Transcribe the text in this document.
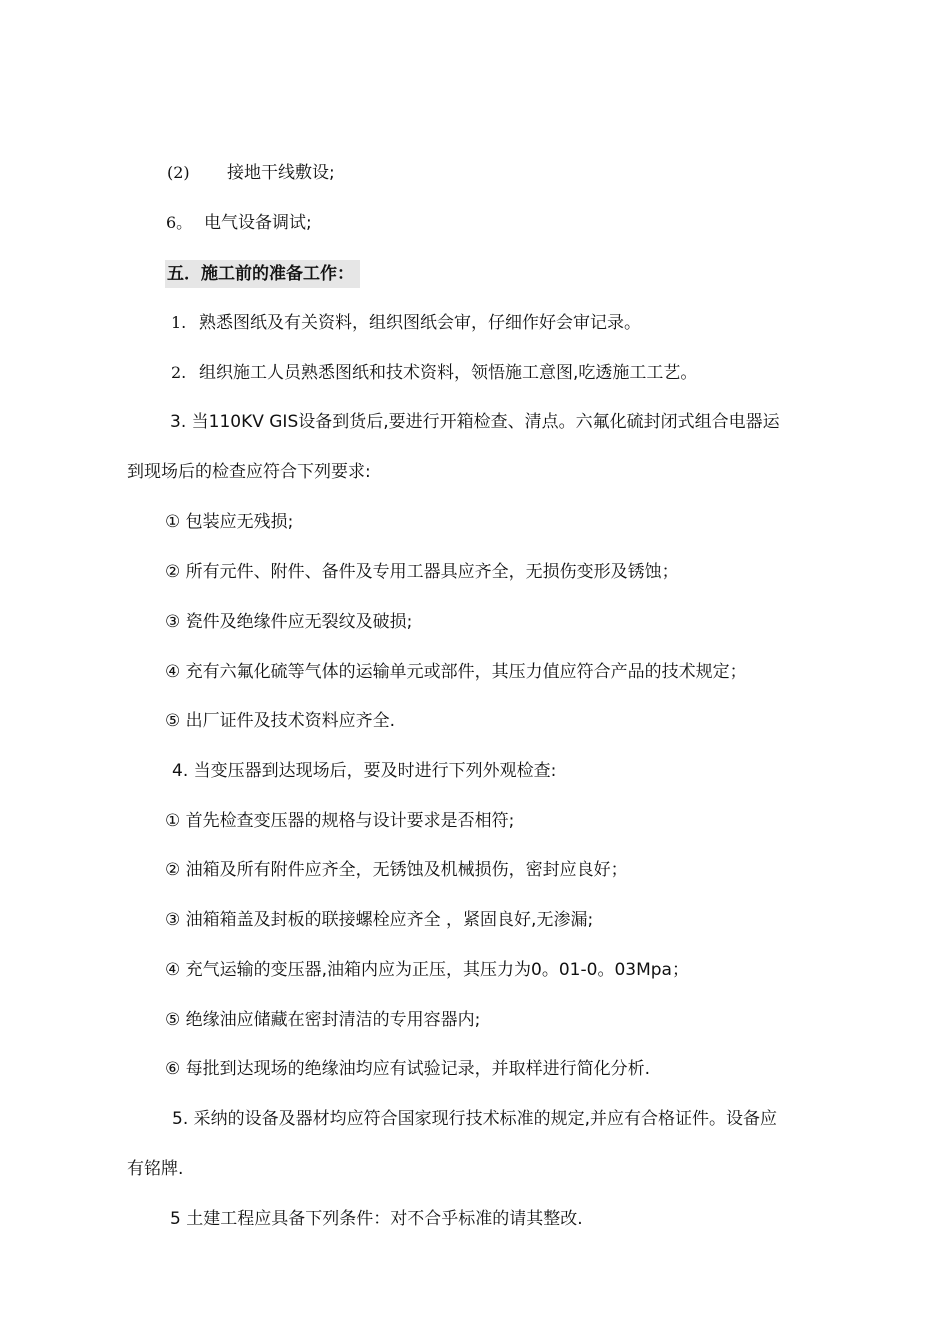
(2) 接地干线敷设;
6。 电气设备调试;
五．施工前的准备工作：
1. 熟悉图纸及有关资料，组织图纸会审，仔细作好会审记录。
2. 组织施工人员熟悉图纸和技术资料，领悟施工意图,吃透施工工艺。
3. 当110KV GIS设备到货后,要进行开箱检查、清点。六氟化硫封闭式组合电器运
到现场后的检查应符合下列要求:
① 包装应无残损;
② 所有元件、附件、备件及专用工器具应齐全，无损伤变形及锈蚀；
③ 瓷件及绝缘件应无裂纹及破损;
④ 充有六氟化硫等气体的运输单元或部件，其压力值应符合产品的技术规定；
⑤ 出厂证件及技术资料应齐全.
4. 当变压器到达现场后，要及时进行下列外观检查:
① 首先检查变压器的规格与设计要求是否相符;
② 油箱及所有附件应齐全，无锈蚀及机械损伤，密封应良好；
③ 油箱箱盖及封板的联接螺栓应齐全 ，紧固良好,无渗漏;
④ 充气运输的变压器,油箱内应为正压，其压力为0。01-0。03Mpa；
⑤ 绝缘油应储藏在密封清洁的专用容器内;
⑥ 每批到达现场的绝缘油均应有试验记录，并取样进行简化分析.
5. 采纳的设备及器材均应符合国家现行技术标准的规定,并应有合格证件。设备应
有铭牌.
5 土建工程应具备下列条件：对不合乎标准的请其整改.
